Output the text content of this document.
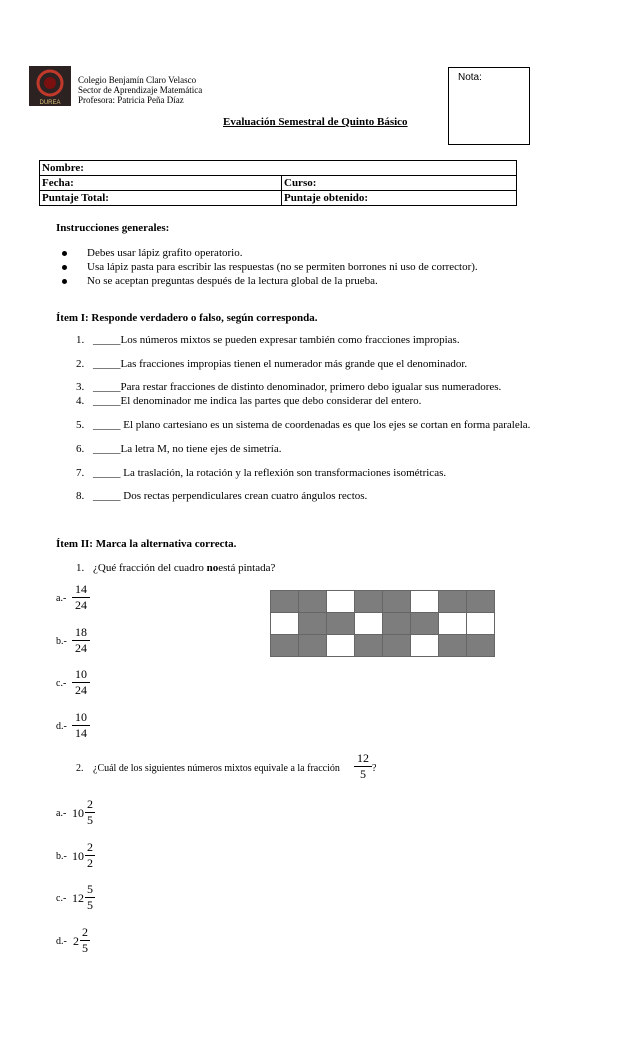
DUREA
Colegio Benjamín Claro Velasco
Sector de Aprendizaje Matemática
Profesora: Patricia Peña Díaz
Evaluación Semestral de Quinto Básico
Nota:
Nombre:
Fecha:	Curso:
Puntaje Total:	Puntaje obtenido:
Instrucciones generales:
Debes usar lápiz grafito operatorio.
Usa lápiz pasta para escribir las respuestas (no se permiten borrones ni uso de corrector).
No se aceptan preguntas después de la lectura global de la prueba.
Ítem I: Responde verdadero o falso, según corresponda.
1. _____Los números mixtos se pueden expresar también como fracciones impropias.
2. _____Las fracciones impropias tienen el numerador más grande que el denominador.
3. _____Para restar fracciones de distinto denominador, primero debo igualar sus numeradores.
4. _____El denominador me indica las partes que debo considerar del entero.
5. _____ El plano cartesiano es un sistema de coordenadas es que los ejes se cortan en forma paralela.
6. _____La letra M, no tiene ejes de simetría.
7. _____ La traslación, la rotación y la reflexión son transformaciones isométricas.
8. _____ Dos rectas perpendiculares crean cuatro ángulos rectos.
Ítem II: Marca la alternativa correcta.
1. ¿Qué fracción del cuadro noestá pintada?
a.-
14
24
b.-
18
24
c.-
10
24
d.-
10
14

2. ¿Cuál de los siguientes números mixtos equivale a la fracción
12
5 ?
a.- 10
2
5
b.- 10
2
2
c.- 12
5
5
d.- 2
2
5
